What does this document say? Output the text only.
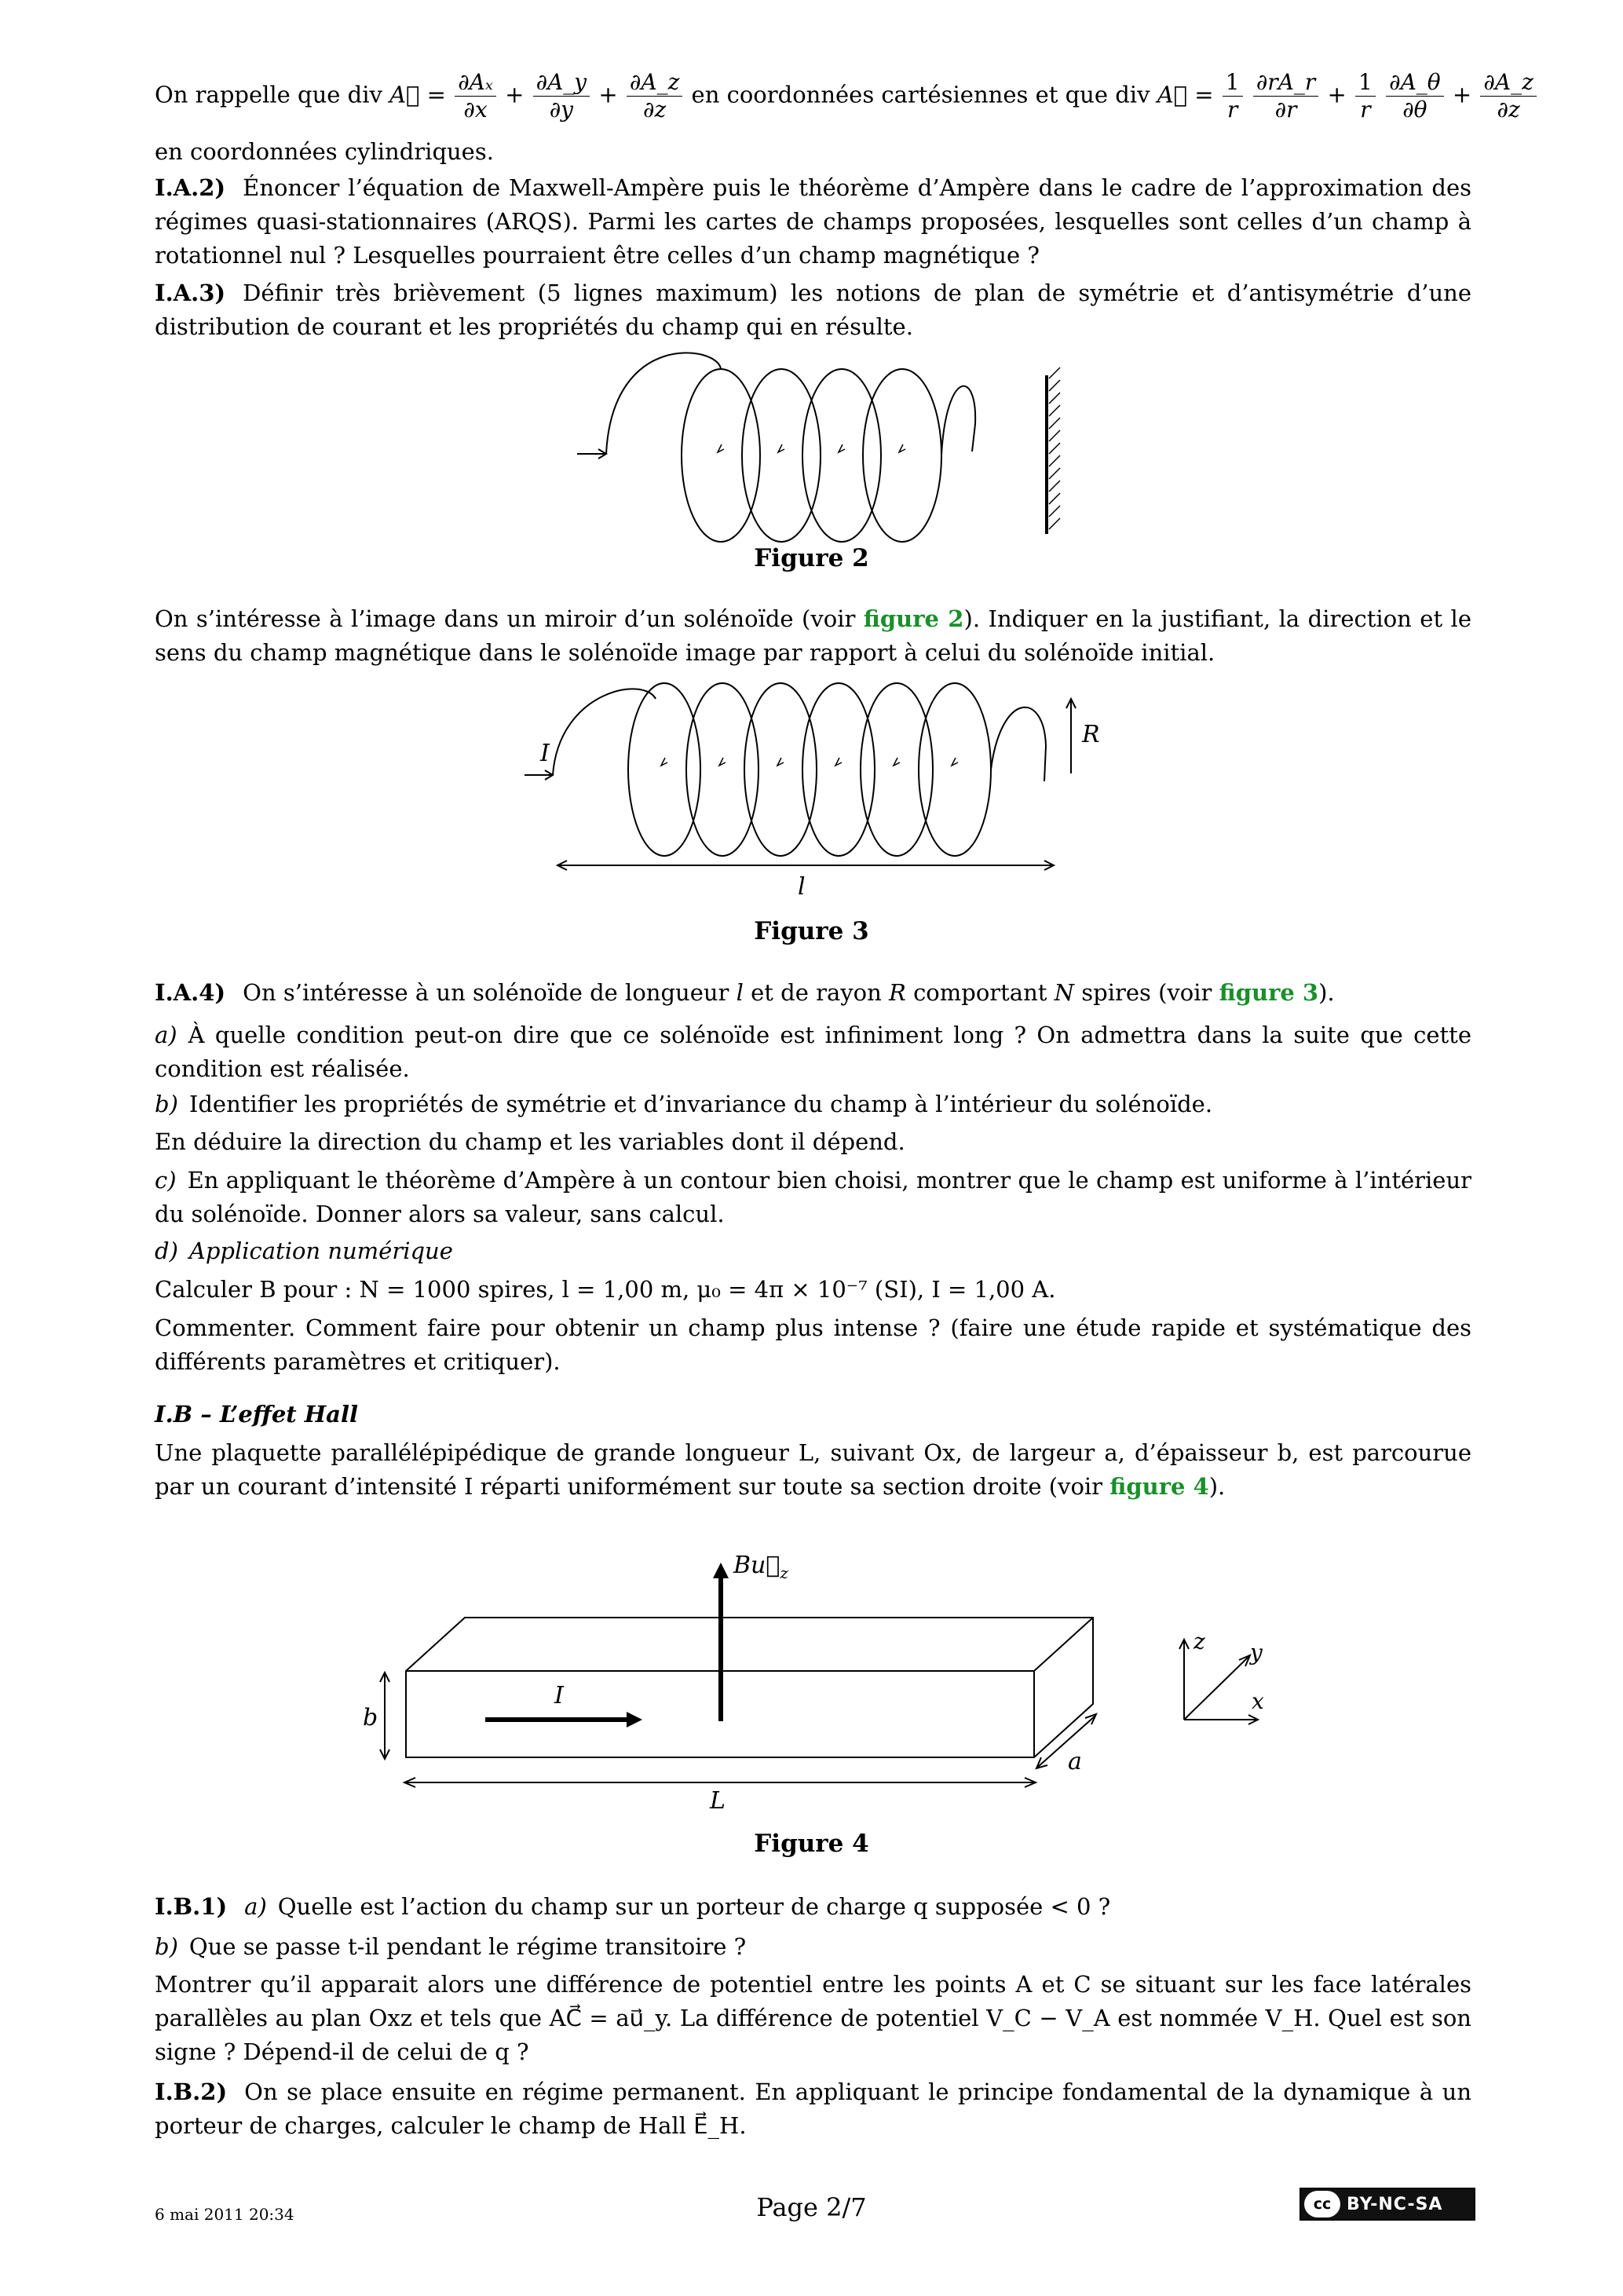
On rappelle que div A⃗ = $\frac{\text{∂Aₓ}}{\partial x} + \frac{\partial A\_y}{\partial y} + \frac{\partial A\_z}{\partial z}$ en coordonnées cartésiennes et que div A⃗ = $\frac{1}{r}$
$\frac{\partial rA\_r}{\partial r} + \frac{1}{r}$
$\frac{\partial A\_\theta}{\partial\theta} + \frac{\partial A\_z}{\partial z}$

en coordonnées cylindriques.

I.A.2) Énoncer l’équation de Maxwell-Ampère puis le théorème d’Ampère dans le cadre de l’approximation des régimes quasi-stationnaires (ARQS). Parmi les cartes de champs proposées, lesquelles sont celles d’un champ à rotationnel nul ? Lesquelles pourraient être celles d’un champ magnétique ?

I.A.3) Définir très brièvement (5 lignes maximum) les notions de plan de symétrie et d’antisymétrie d’une distribution de courant et les propriétés du champ qui en résulte.

Figure 2

On s’intéresse à l’image dans un miroir d’un solénoïde (voir figure 2). Indiquer en la justifiant, la direction et le sens du champ magnétique dans le solénoïde image par rapport à celui du solénoïde initial.

I
R
l
Figure 3

I.A.4) On s’intéresse à un solénoïde de longueur l et de rayon R comportant N spires (voir figure 3).

a) À quelle condition peut-on dire que ce solénoïde est infiniment long ? On admettra dans la suite que cette condition est réalisée.

b) Identifier les propriétés de symétrie et d’invariance du champ à l’intérieur du solénoïde.

En déduire la direction du champ et les variables dont il dépend.

c) En appliquant le théorème d’Ampère à un contour bien choisi, montrer que le champ est uniforme à l’intérieur du solénoïde. Donner alors sa valeur, sans calcul.

d) Application numérique

Calculer B pour : N = 1000 spires, l = 1,00 m, μ₀ = 4π × 10⁻⁷ (SI), I = 1,00 A.

Commenter. Comment faire pour obtenir un champ plus intense ? (faire une étude rapide et systématique des différents paramètres et critiquer).

I.B – L’effet Hall

Une plaquette parallélépipédique de grande longueur L, suivant Ox, de largeur a, d’épaisseur b, est parcourue par un courant d’intensité I réparti uniformément sur toute sa section droite (voir figure 4).

$Bu⃗_z$
I
b
L
a
z y
x
Figure 4

I.B.1) a) Quelle est l’action du champ sur un porteur de charge q supposée < 0 ?

b) Que se passe t-il pendant le régime transitoire ?

Montrer qu’il apparait alors une différence de potentiel entre les points A et C se situant sur les face latérales parallèles au plan Oxz et tels que AC⃗ = au⃗_y. La différence de potentiel V_C − V_A est nommée V_H. Quel est son signe ? Dépend-il de celui de q ?

I.B.2) On se place ensuite en régime permanent. En appliquant le principe fondamental de la dynamique à un porteur de charges, calculer le champ de Hall E⃗_H.

6 mai 2011 20:34	Page 2/7	cc BY-NC-SA
